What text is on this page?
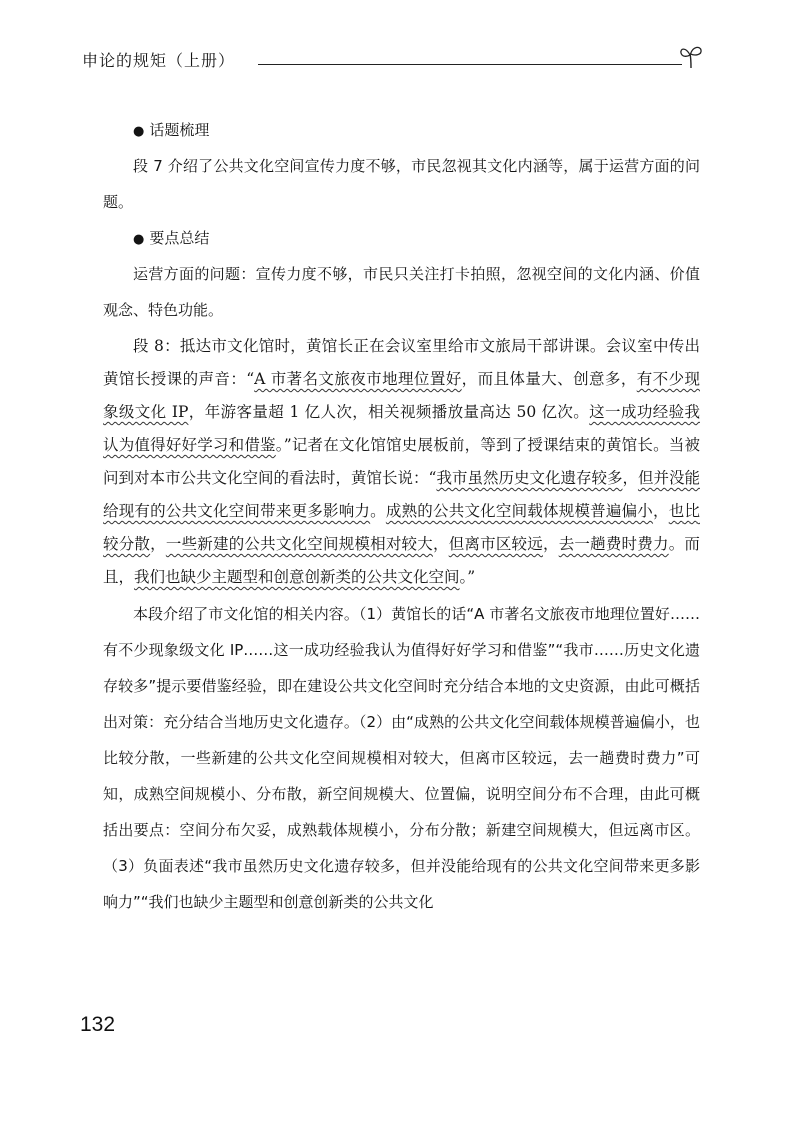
申论的规矩（上册）

● 话题梳理

段 7 介绍了公共文化空间宣传力度不够，市民忽视其文化内涵等，属于运营方面的问题。

● 要点总结

运营方面的问题：宣传力度不够，市民只关注打卡拍照，忽视空间的文化内涵、价值观念、特色功能。

段 8：抵达市文化馆时，黄馆长正在会议室里给市文旅局干部讲课。会议室中传出黄馆长授课的声音：“A 市著名文旅夜市地理位置好，而且体量大、创意多，有不少现象级文化 IP，年游客量超 1 亿人次，相关视频播放量高达 50 亿次。这一成功经验我认为值得好好学习和借鉴。”记者在文化馆馆史展板前，等到了授课结束的黄馆长。当被问到对本市公共文化空间的看法时，黄馆长说：“我市虽然历史文化遗存较多，但并没能给现有的公共文化空间带来更多影响力。成熟的公共文化空间载体规模普遍偏小，也比较分散，一些新建的公共文化空间规模相对较大，但离市区较远，去一趟费时费力。而且，我们也缺少主题型和创意创新类的公共文化空间。”

本段介绍了市文化馆的相关内容。（1）黄馆长的话“A 市著名文旅夜市地理位置好……有不少现象级文化 IP……这一成功经验我认为值得好好学习和借鉴”“我市……历史文化遗存较多”提示要借鉴经验，即在建设公共文化空间时充分结合本地的文史资源，由此可概括出对策：充分结合当地历史文化遗存。（2）由“成熟的公共文化空间载体规模普遍偏小，也比较分散，一些新建的公共文化空间规模相对较大，但离市区较远，去一趟费时费力”可知，成熟空间规模小、分布散，新空间规模大、位置偏，说明空间分布不合理，由此可概括出要点：空间分布欠妥，成熟载体规模小，分布分散；新建空间规模大，但远离市区。（3）负面表述“我市虽然历史文化遗存较多，但并没能给现有的公共文化空间带来更多影响力”“我们也缺少主题型和创意创新类的公共文化

132
